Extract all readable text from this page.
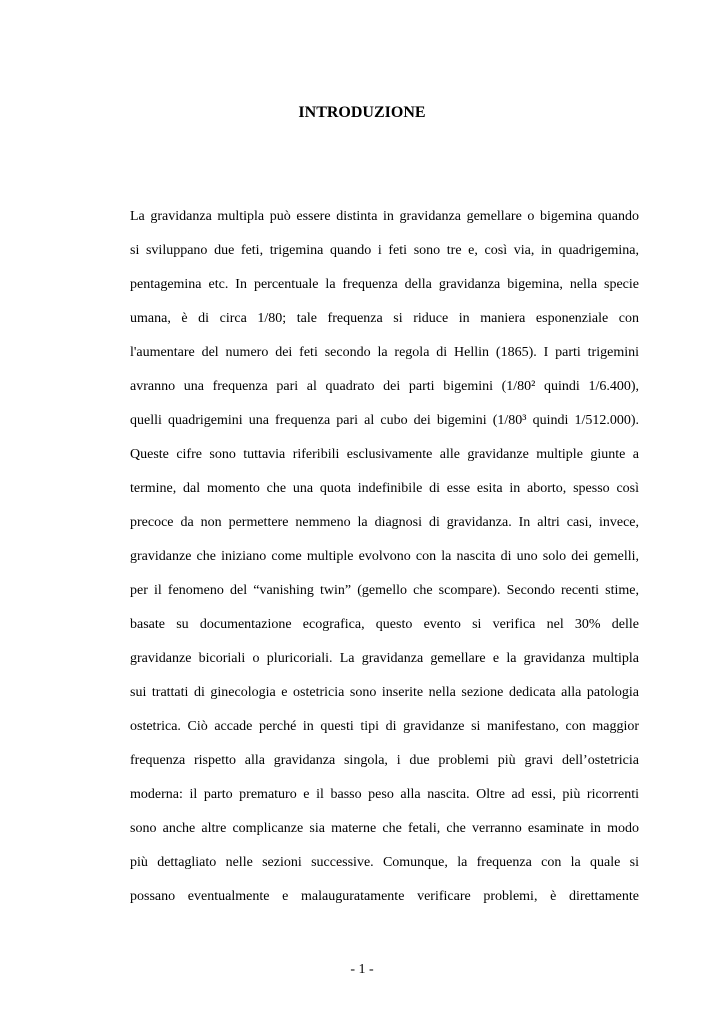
INTRODUZIONE
La gravidanza multipla può essere distinta in gravidanza gemellare o bigemina quando
si sviluppano due feti, trigemina quando i feti sono tre e, così via, in quadrigemina,
pentagemina etc. In percentuale la frequenza della gravidanza bigemina, nella specie
umana, è di circa 1/80; tale frequenza si riduce in maniera esponenziale con
l'aumentare del numero dei feti secondo la regola di Hellin (1865). I parti trigemini
avranno una frequenza pari al quadrato dei parti bigemini (1/80² quindi 1/6.400),
quelli quadrigemini una frequenza pari al cubo dei bigemini (1/80³ quindi 1/512.000).
Queste cifre sono tuttavia riferibili esclusivamente alle gravidanze multiple giunte a
termine, dal momento che una quota indefinibile di esse esita in aborto, spesso così
precoce da non permettere nemmeno la diagnosi di gravidanza. In altri casi, invece,
gravidanze che iniziano come multiple evolvono con la nascita di uno solo dei gemelli,
per il fenomeno del “vanishing twin” (gemello che scompare). Secondo recenti stime,
basate su documentazione ecografica, questo evento si verifica nel 30% delle
gravidanze bicoriali o pluricoriali. La gravidanza gemellare e la gravidanza multipla
sui trattati di ginecologia e ostetricia sono inserite nella sezione dedicata alla patologia
ostetrica. Ciò accade perché in questi tipi di gravidanze si manifestano, con maggior
frequenza rispetto alla gravidanza singola, i due problemi più gravi dell’ostetricia
moderna: il parto prematuro e il basso peso alla nascita. Oltre ad essi, più ricorrenti
sono anche altre complicanze sia materne che fetali, che verranno esaminate in modo
più dettagliato nelle sezioni successive. Comunque, la frequenza con la quale si
possano eventualmente e malauguratamente verificare problemi, è direttamente
- 1 -
